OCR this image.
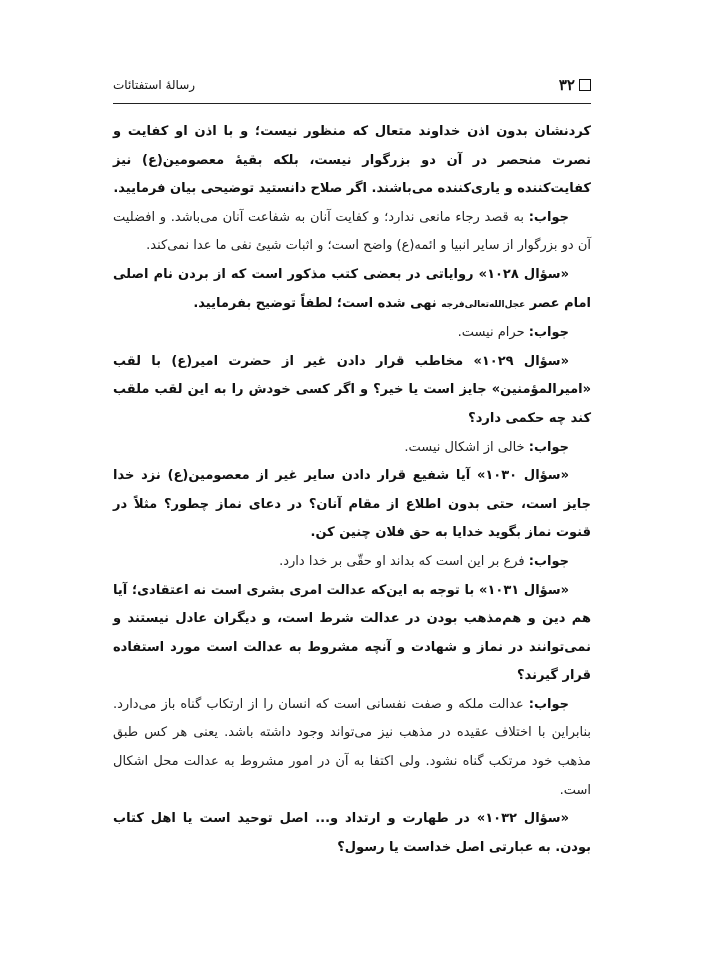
۳۲
رسالهٔ استفتائات

كردنشان بدون اذن خداوند متعال كه منظور نيست؛ و با اذن او كفايت و نصرت منحصر در آن دو بزرگوار نيست، بلكه بقيهٔ معصومين(ع) نيز كفايت‌كننده و ياری‌كننده می‌باشند. اگر صلاح دانستيد توضيحی بيان فرماييد.

جواب: به قصد رجاء مانعی ندارد؛ و كفايت آنان به شفاعت آنان می‌باشد. و افضليت آن دو بزرگوار از ساير انبيا و ائمه(ع) واضح است؛ و اثبات شيئ نفی ما عدا نمی‌كند.

«سؤال ۱۰۲۸» رواياتی در بعضی كتب مذكور است كه از بردن نام اصلی امام عصر عجل‌الله‌تعالی‌فرجه نهی شده است؛ لطفاً توضيح بفرماييد.

جواب: حرام نيست.

«سؤال ۱۰۲۹» مخاطب قرار دادن غير از حضرت امير(ع) با لقب «اميرالمؤمنين» جايز است يا خير؟ و اگر كسی خودش را به اين لقب ملقب كند چه حكمی دارد؟

جواب: خالی از اشكال نيست.

«سؤال ۱۰۳۰» آيا شفيع قرار دادن ساير غير از معصومين(ع) نزد خدا جايز است، حتی بدون اطلاع از مقام آنان؟ در دعای نماز چطور؟ مثلاً در قنوت نماز بگويد خدايا به حق فلان چنين كن.

جواب: فرع بر اين است كه بداند او حقّی بر خدا دارد.

«سؤال ۱۰۳۱» با توجه به اين‌كه عدالت امری بشری است نه اعتقادی؛ آيا هم دين و هم‌مذهب بودن در عدالت شرط است، و ديگران عادل نيستند و نمی‌توانند در نماز و شهادت و آنچه مشروط به عدالت است مورد استفاده قرار گيرند؟

جواب: عدالت ملكه و صفت نفسانی است كه انسان را از ارتكاب گناه باز می‌دارد. بنابراين با اختلاف عقيده در مذهب نيز می‌تواند وجود داشته باشد. يعنی هر كس طبق مذهب خود مرتكب گناه نشود. ولی اكتفا به آن در امور مشروط به عدالت محل اشكال است.

«سؤال ۱۰۳۲» در طهارت و ارتداد و... اصل توحيد است يا اهل كتاب بودن. به عبارتی اصل خداست يا رسول؟
